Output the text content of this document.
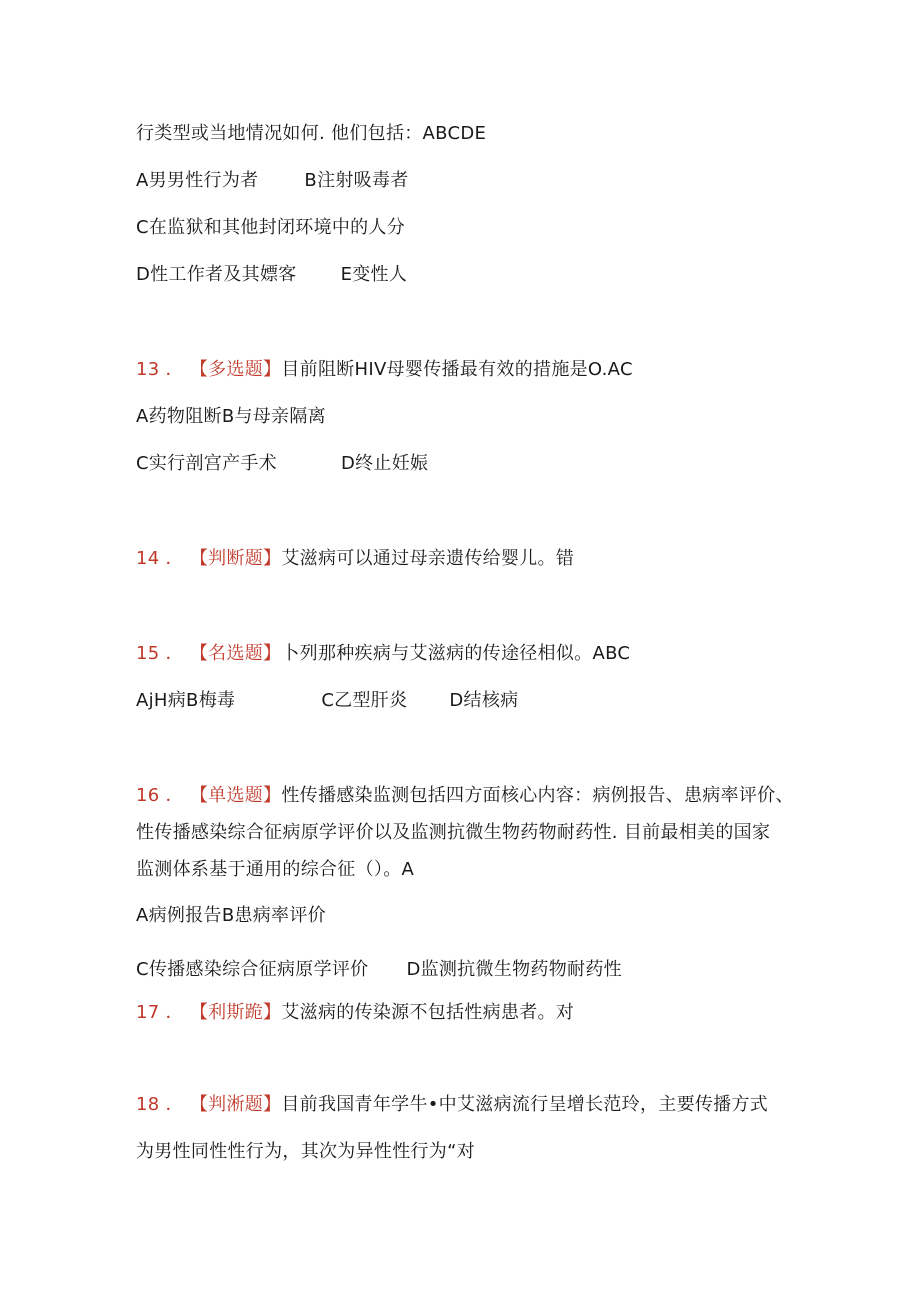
行类型或当地情况如何. 他们包括：ABCDE
A男男性行为者	B注射吸毒者
C在监狱和其他封闭环境中的人分
D性工作者及其嫖客 E变性人
13 ． 【多选题】目前阻断HIV母婴传播最有效的措施是O.AC
A药物阻断B与母亲隔离
C实行剖宫产手术	D终止妊娠
14 ． 【判断题】艾滋病可以通过母亲遗传给婴儿。错
15 ． 【名选题】卜列那种疾病与艾滋病的传途径相似。ABC
AjH病B梅毒	C乙型肝炎 D结核病
16 ． 【单选题】性传播感染监测包括四方面核心内容：病例报告、患病率评价、
性传播感染综合征病原学评价以及监测抗微生物药物耐药性. 目前最相美的国家
监测体系基于通用的综合征（）。A
A病例报告B患病率评价
C传播感染综合征病原学评价 D监测抗微生物药物耐药性
17 ． 【利斯跪】艾滋病的传染源不包括性病患者。对
18 ． 【判淅题】目前我国青年学牛•中艾滋病流行呈增长范玲，主要传播方式
为男性同性性行为，其次为异性性行为“对
